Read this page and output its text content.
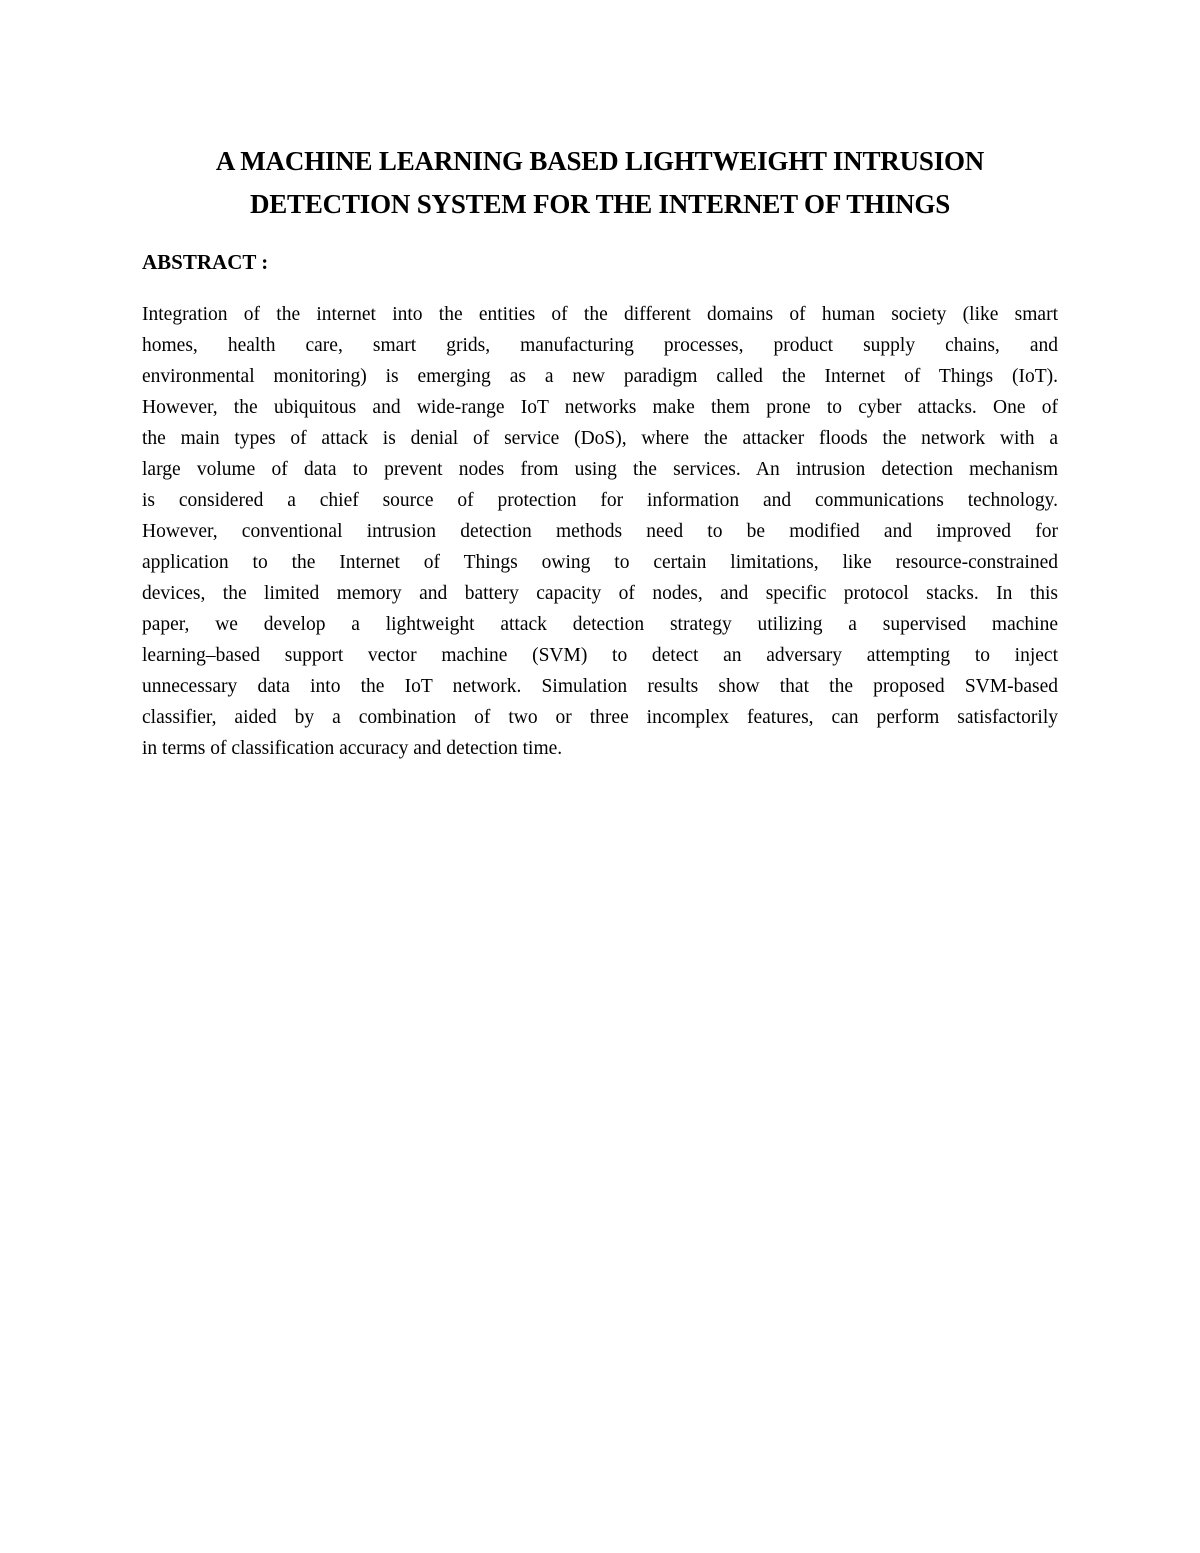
A MACHINE LEARNING BASED LIGHTWEIGHT INTRUSION
DETECTION SYSTEM FOR THE INTERNET OF THINGS
ABSTRACT :
Integration of the internet into the entities of the different domains of human society (like smart
homes, health care, smart grids, manufacturing processes, product supply chains, and
environmental monitoring) is emerging as a new paradigm called the Internet of Things (IoT).
However, the ubiquitous and wide-range IoT networks make them prone to cyber attacks. One of
the main types of attack is denial of service (DoS), where the attacker floods the network with a
large volume of data to prevent nodes from using the services. An intrusion detection mechanism
is considered a chief source of protection for information and communications technology.
However, conventional intrusion detection methods need to be modified and improved for
application to the Internet of Things owing to certain limitations, like resource-constrained
devices, the limited memory and battery capacity of nodes, and specific protocol stacks. In this
paper, we develop a lightweight attack detection strategy utilizing a supervised machine
learning–based support vector machine (SVM) to detect an adversary attempting to inject
unnecessary data into the IoT network. Simulation results show that the proposed SVM-based
classifier, aided by a combination of two or three incomplex features, can perform satisfactorily
in terms of classification accuracy and detection time.
